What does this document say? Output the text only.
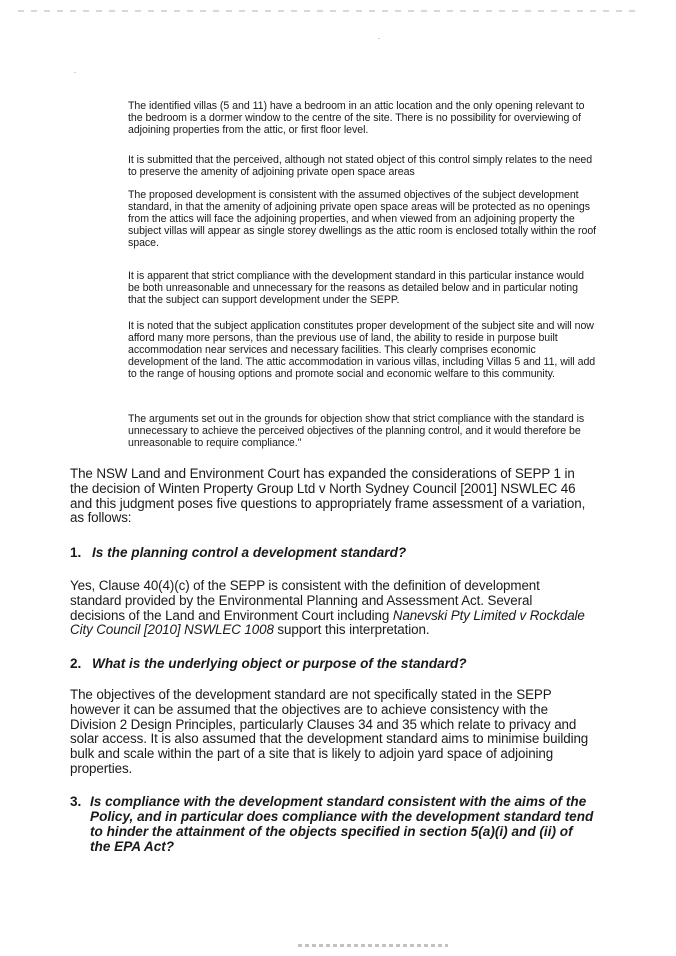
The identified villas (5 and 11) have a bedroom in an attic location and the only opening relevant to the bedroom is a dormer window to the centre of the site. There is no possibility for overviewing of adjoining properties from the attic, or first floor level.
It is submitted that the perceived, although not stated object of this control simply relates to the need to preserve the amenity of adjoining private open space areas
The proposed development is consistent with the assumed objectives of the subject development standard, in that the amenity of adjoining private open space areas will be protected as no openings from the attics will face the adjoining properties, and when viewed from an adjoining property the subject villas will appear as single storey dwellings as the attic room is enclosed totally within the roof space.
It is apparent that strict compliance with the development standard in this particular instance would be both unreasonable and unnecessary for the reasons as detailed below and in particular noting that the subject can support development under the SEPP.
It is noted that the subject application constitutes proper development of the subject site and will now afford many more persons, than the previous use of land, the ability to reside in purpose built accommodation near services and necessary facilities. This clearly comprises economic development of the land. The attic accommodation in various villas, including Villas 5 and 11, will add to the range of housing options and promote social and economic welfare to this community.
The arguments set out in the grounds for objection show that strict compliance with the standard is unnecessary to achieve the perceived objectives of the planning control, and it would therefore be unreasonable to require compliance."
The NSW Land and Environment Court has expanded the considerations of SEPP 1 in the decision of Winten Property Group Ltd v North Sydney Council [2001] NSWLEC 46 and this judgment poses five questions to appropriately frame assessment of a variation, as follows:
1. Is the planning control a development standard?
Yes, Clause 40(4)(c) of the SEPP is consistent with the definition of development standard provided by the Environmental Planning and Assessment Act. Several decisions of the Land and Environment Court including Nanevski Pty Limited v Rockdale City Council [2010] NSWLEC 1008 support this interpretation.
2. What is the underlying object or purpose of the standard?
The objectives of the development standard are not specifically stated in the SEPP however it can be assumed that the objectives are to achieve consistency with the Division 2 Design Principles, particularly Clauses 34 and 35 which relate to privacy and solar access. It is also assumed that the development standard aims to minimise building bulk and scale within the part of a site that is likely to adjoin yard space of adjoining properties.
3. Is compliance with the development standard consistent with the aims of the Policy, and in particular does compliance with the development standard tend to hinder the attainment of the objects specified in section 5(a)(i) and (ii) of the EPA Act?
